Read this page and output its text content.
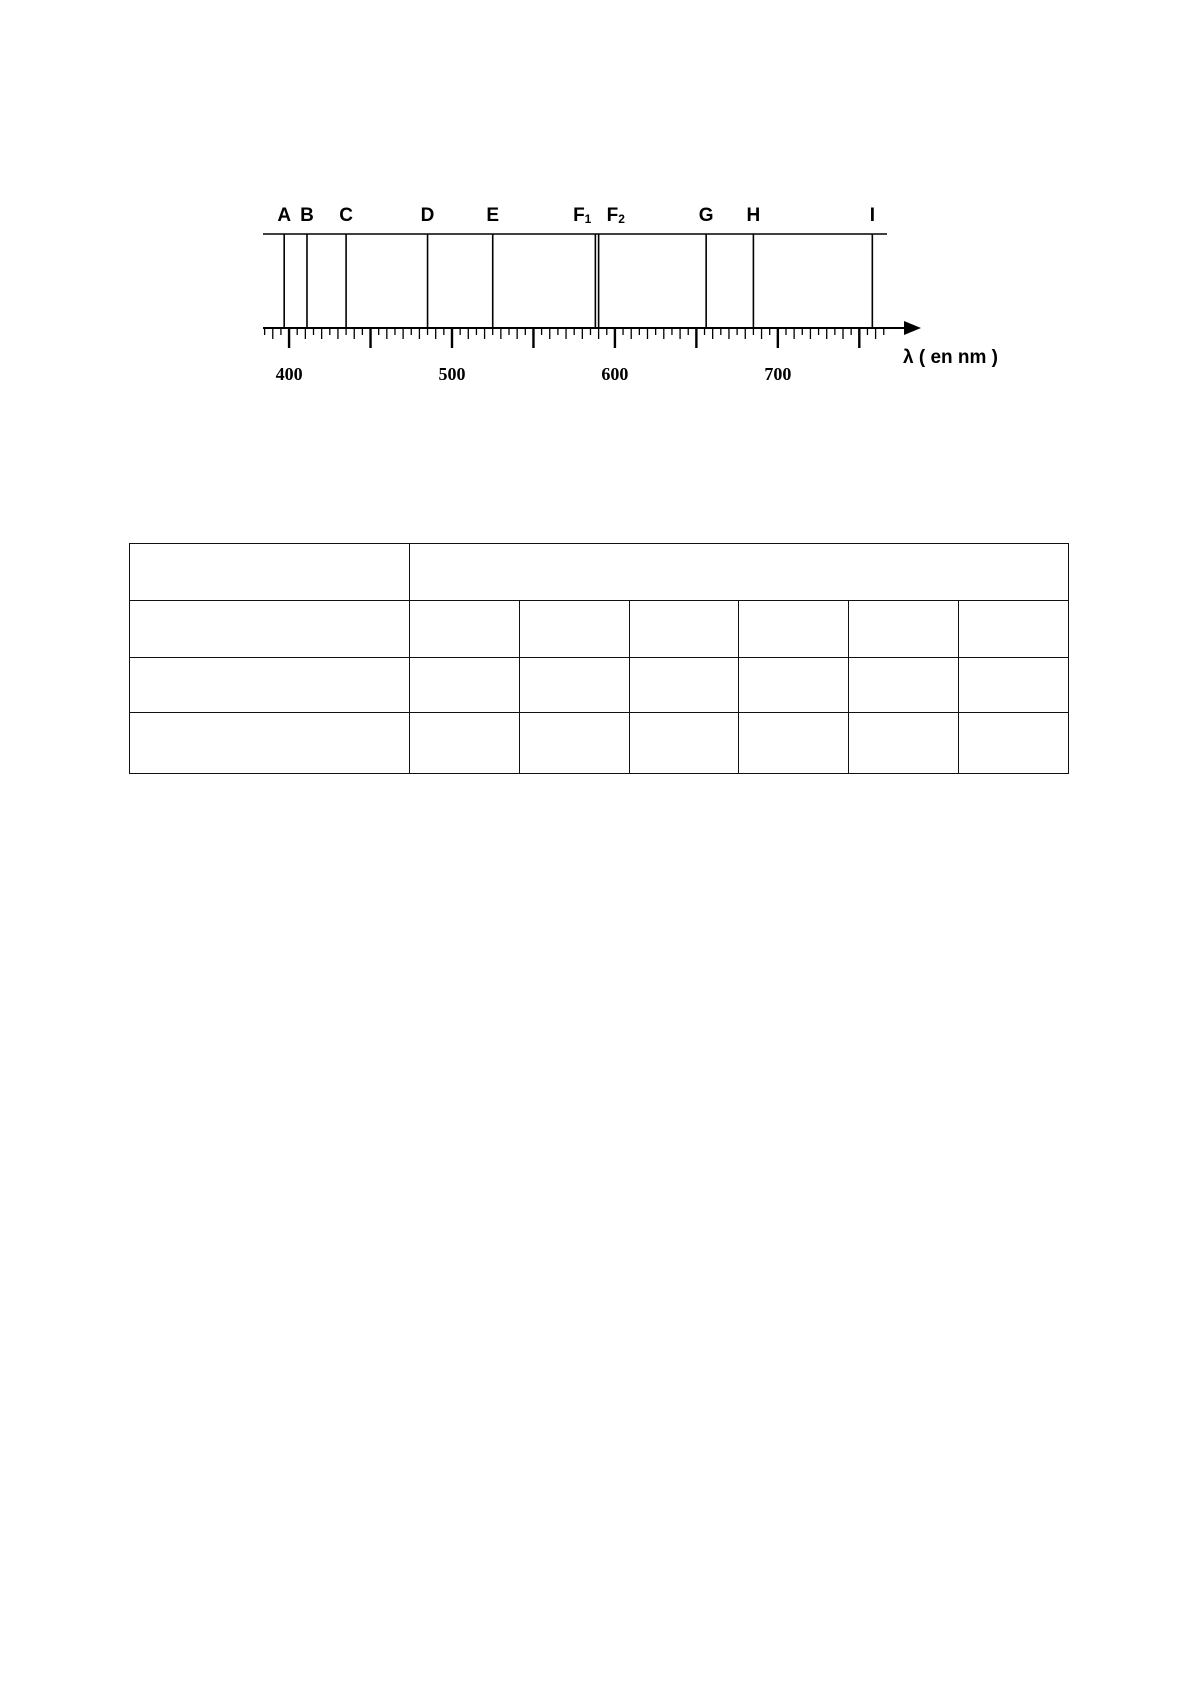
A B C	D	E	F1 F2	G H	I
400	500	600	700
λ ( en nm )
